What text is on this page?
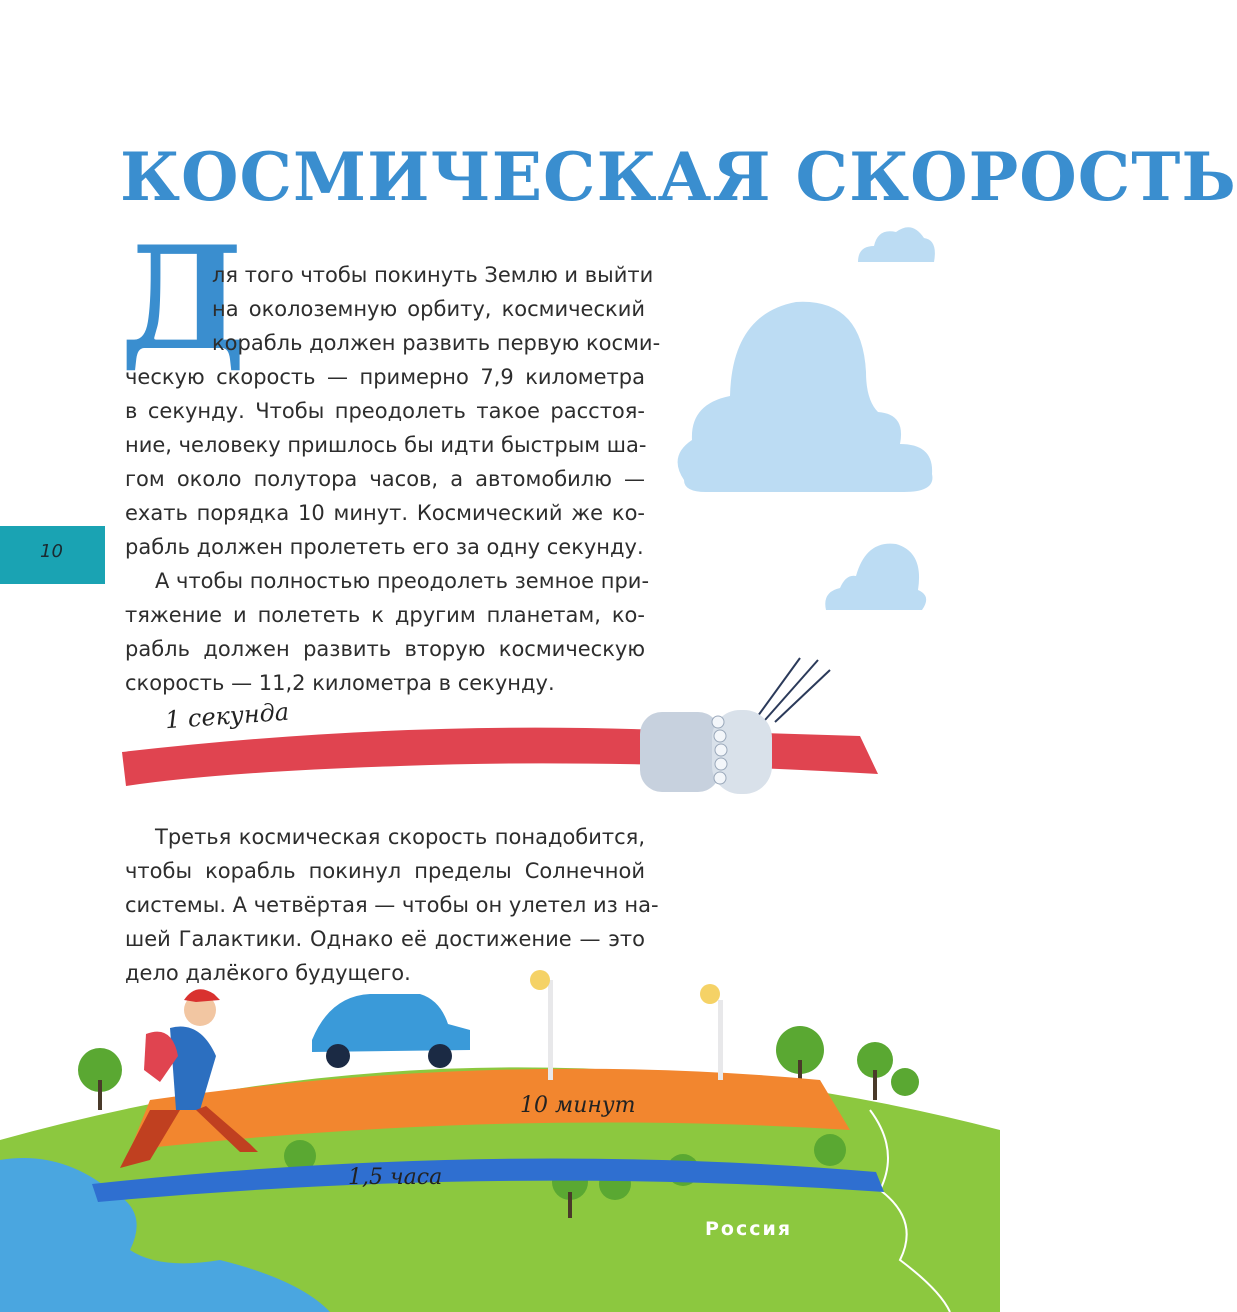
КОСМИЧЕСКАЯ СКОРОСТЬ
Д
ля того чтобы покинуть Землю и выйти
на околоземную орбиту, космический
корабль должен развить первую косми-
ческую скорость — примерно 7,9 километра
в секунду. Чтобы преодолеть такое расстоя-
ние, человеку пришлось бы идти быстрым ша-
гом около полутора часов, а автомобилю —
ехать порядка 10 минут. Космический же ко-
рабль должен пролететь его за одну секунду.
А чтобы полностью преодолеть земное при-
тяжение и полететь к другим планетам, ко-
рабль должен развить вторую космическую
скорость — 11,2 километра в секунду.
10
1 секунда
Третья космическая скорость понадобится,
чтобы корабль покинул пределы Солнечной
системы. А четвёртая — чтобы он улетел из на-
шей Галактики. Однако её достижение — это
дело далёкого будущего.
10 минут
1,5 часа
Россия
